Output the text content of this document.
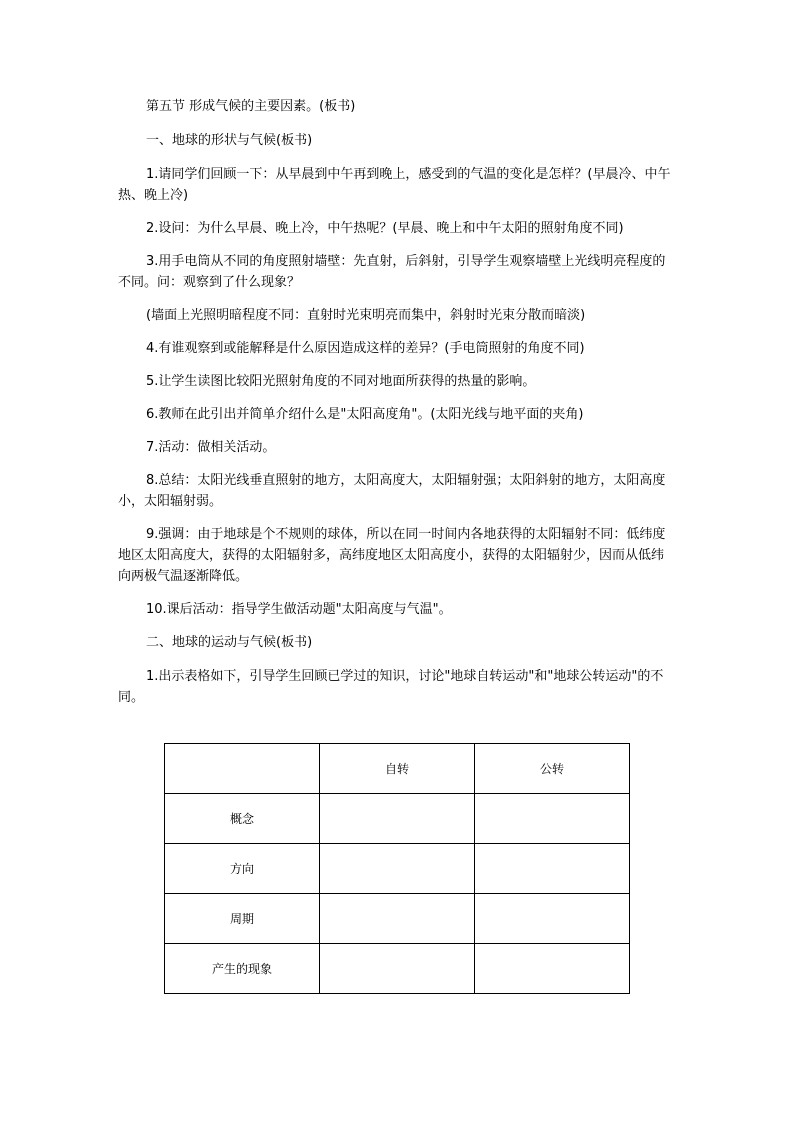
第五节 形成气候的主要因素。(板书)

一、地球的形状与气候(板书)

1.请同学们回顾一下：从早晨到中午再到晚上，感受到的气温的变化是怎样？(早晨冷、中午热、晚上冷)

2.设问：为什么早晨、晚上冷，中午热呢？(早晨、晚上和中午太阳的照射角度不同)

3.用手电筒从不同的角度照射墙壁：先直射，后斜射，引导学生观察墙壁上光线明亮程度的不同。问：观察到了什么现象？

(墙面上光照明暗程度不同：直射时光束明亮而集中，斜射时光束分散而暗淡)

4.有谁观察到或能解释是什么原因造成这样的差异？(手电筒照射的角度不同)

5.让学生读图比较阳光照射角度的不同对地面所获得的热量的影响。

6.教师在此引出并简单介绍什么是"太阳高度角"。(太阳光线与地平面的夹角)

7.活动：做相关活动。

8.总结：太阳光线垂直照射的地方，太阳高度大，太阳辐射强；太阳斜射的地方，太阳高度小，太阳辐射弱。

9.强调：由于地球是个不规则的球体，所以在同一时间内各地获得的太阳辐射不同：低纬度地区太阳高度大，获得的太阳辐射多，高纬度地区太阳高度小，获得的太阳辐射少，因而从低纬向两极气温逐渐降低。

10.课后活动：指导学生做活动题"太阳高度与气温"。

二、地球的运动与气候(板书)

1.出示表格如下，引导学生回顾已学过的知识，讨论"地球自转运动"和"地球公转运动"的不同。

	自转	公转
概念		
方向		
周期		
产生的现象		
